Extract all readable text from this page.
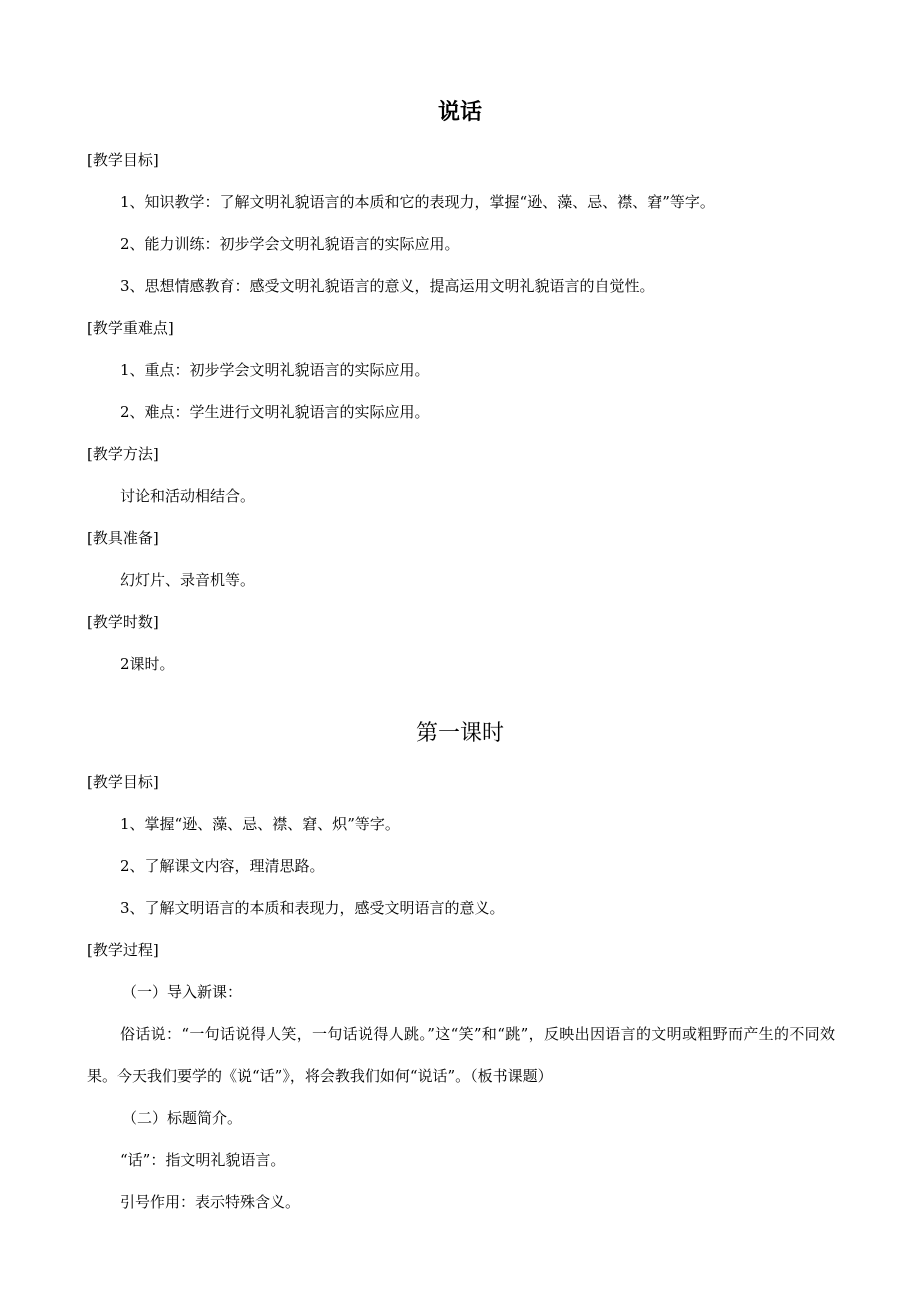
说话
[教学目标]
1、知识教学：了解文明礼貌语言的本质和它的表现力，掌握“逊、藻、忌、襟、窘”等字。
2、能力训练：初步学会文明礼貌语言的实际应用。
3、思想情感教育：感受文明礼貌语言的意义，提高运用文明礼貌语言的自觉性。
[教学重难点]
1、重点：初步学会文明礼貌语言的实际应用。
2、难点：学生进行文明礼貌语言的实际应用。
[教学方法]
讨论和活动相结合。
[教具准备]
幻灯片、录音机等。
[教学时数]
2课时。
第一课时
[教学目标]
1、掌握“逊、藻、忌、襟、窘、炽”等字。
2、了解课文内容，理清思路。
3、了解文明语言的本质和表现力，感受文明语言的意义。
[教学过程]
（一）导入新课：
俗话说：“一句话说得人笑，一句话说得人跳。”这“笑”和“跳”，反映出因语言的文明或粗野而产生的不同效果。今天我们要学的《说“话”》，将会教我们如何“说话”。（板书课题）
（二）标题简介。
“话”：指文明礼貌语言。
引号作用：表示特殊含义。
